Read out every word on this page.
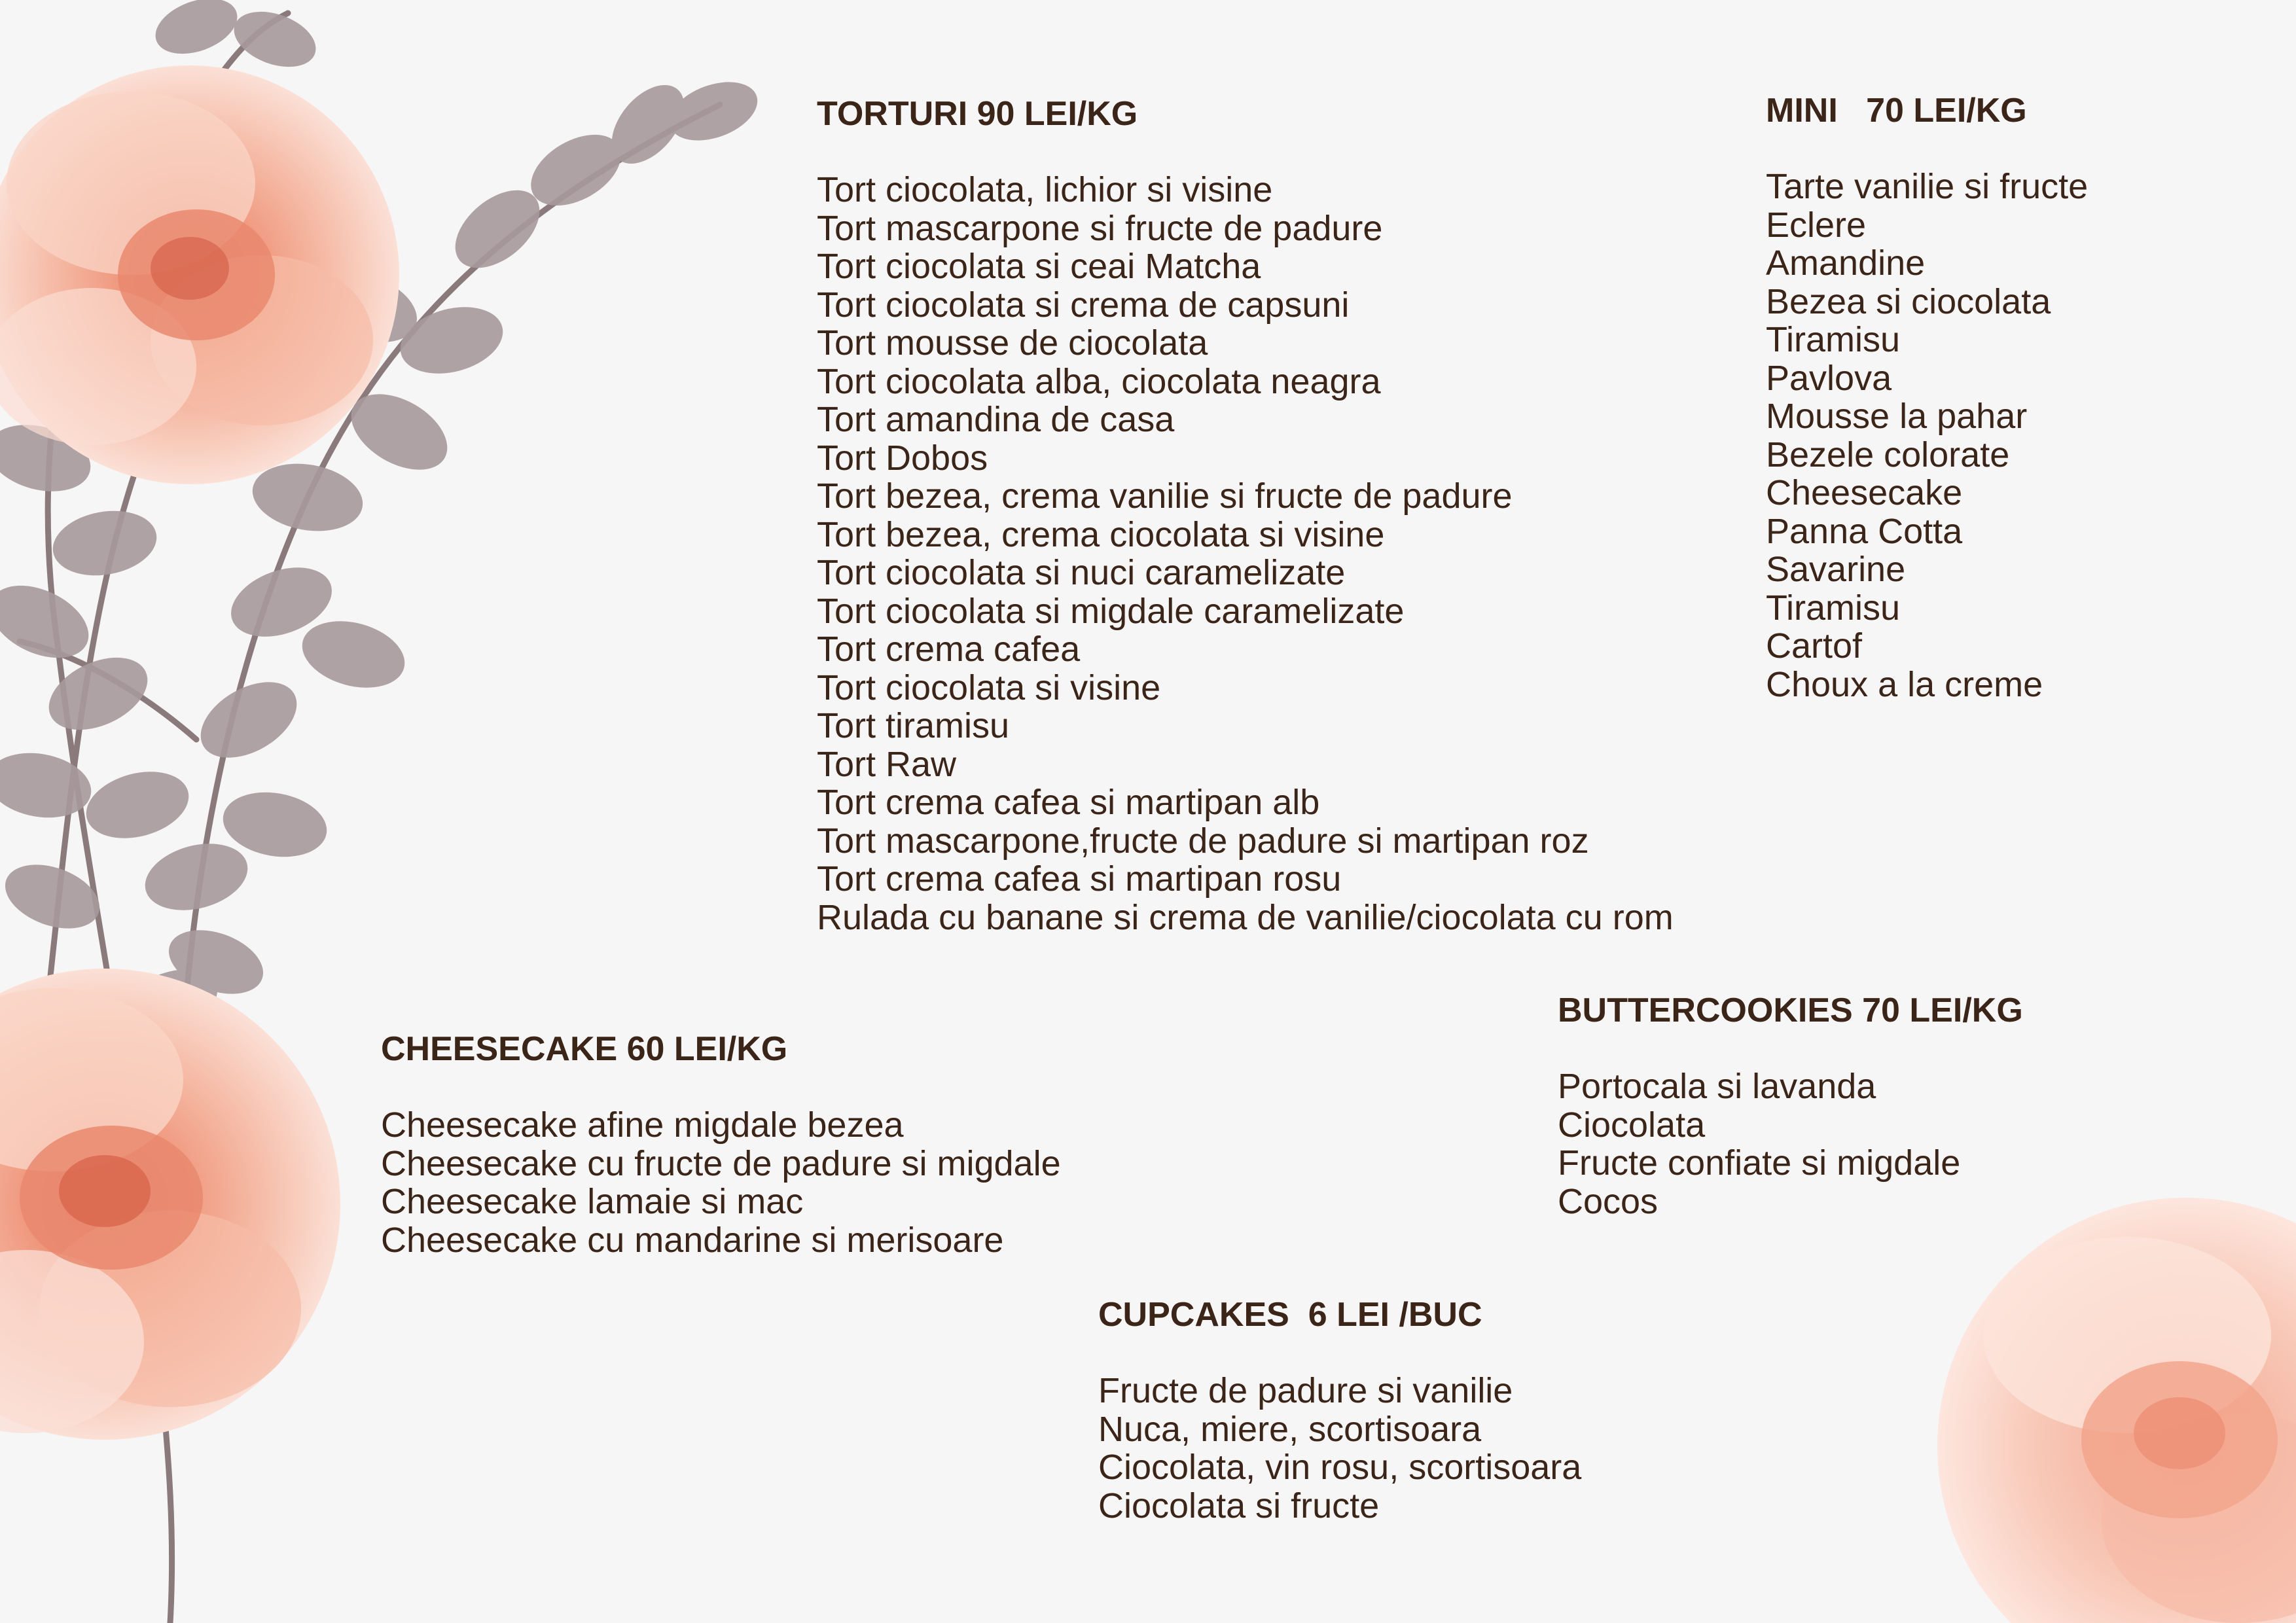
TORTURI 90 LEI/KG
Tort ciocolata, lichior si visine
Tort mascarpone si fructe de padure
Tort ciocolata si ceai Matcha
Tort ciocolata si crema de capsuni
Tort mousse de ciocolata
Tort ciocolata alba, ciocolata neagra
Tort amandina de casa
Tort Dobos
Tort bezea, crema vanilie si fructe de padure
Tort bezea, crema ciocolata si visine
Tort ciocolata si nuci caramelizate
Tort ciocolata si migdale caramelizate
Tort crema cafea
Tort ciocolata si visine
Tort tiramisu
Tort Raw
Tort crema cafea si martipan alb
Tort mascarpone,fructe de padure si martipan roz
Tort crema cafea si martipan rosu
Rulada cu banane si crema de vanilie/ciocolata cu rom
MINI   70 LEI/KG
Tarte vanilie si fructe
Eclere
Amandine
Bezea si ciocolata
Tiramisu
Pavlova
Mousse la pahar
Bezele colorate
Cheesecake
Panna Cotta
Savarine
Tiramisu
Cartof
Choux a la creme
CHEESECAKE 60 LEI/KG
Cheesecake afine migdale bezea
Cheesecake cu fructe de padure si migdale
Cheesecake lamaie si mac
Cheesecake cu mandarine si merisoare
BUTTERCOOKIES 70 LEI/KG
Portocala si lavanda
Ciocolata
Fructe confiate si migdale
Cocos
CUPCAKES  6 LEI /BUC
Fructe de padure si vanilie
Nuca, miere, scortisoara
Ciocolata, vin rosu, scortisoara
Ciocolata si fructe
